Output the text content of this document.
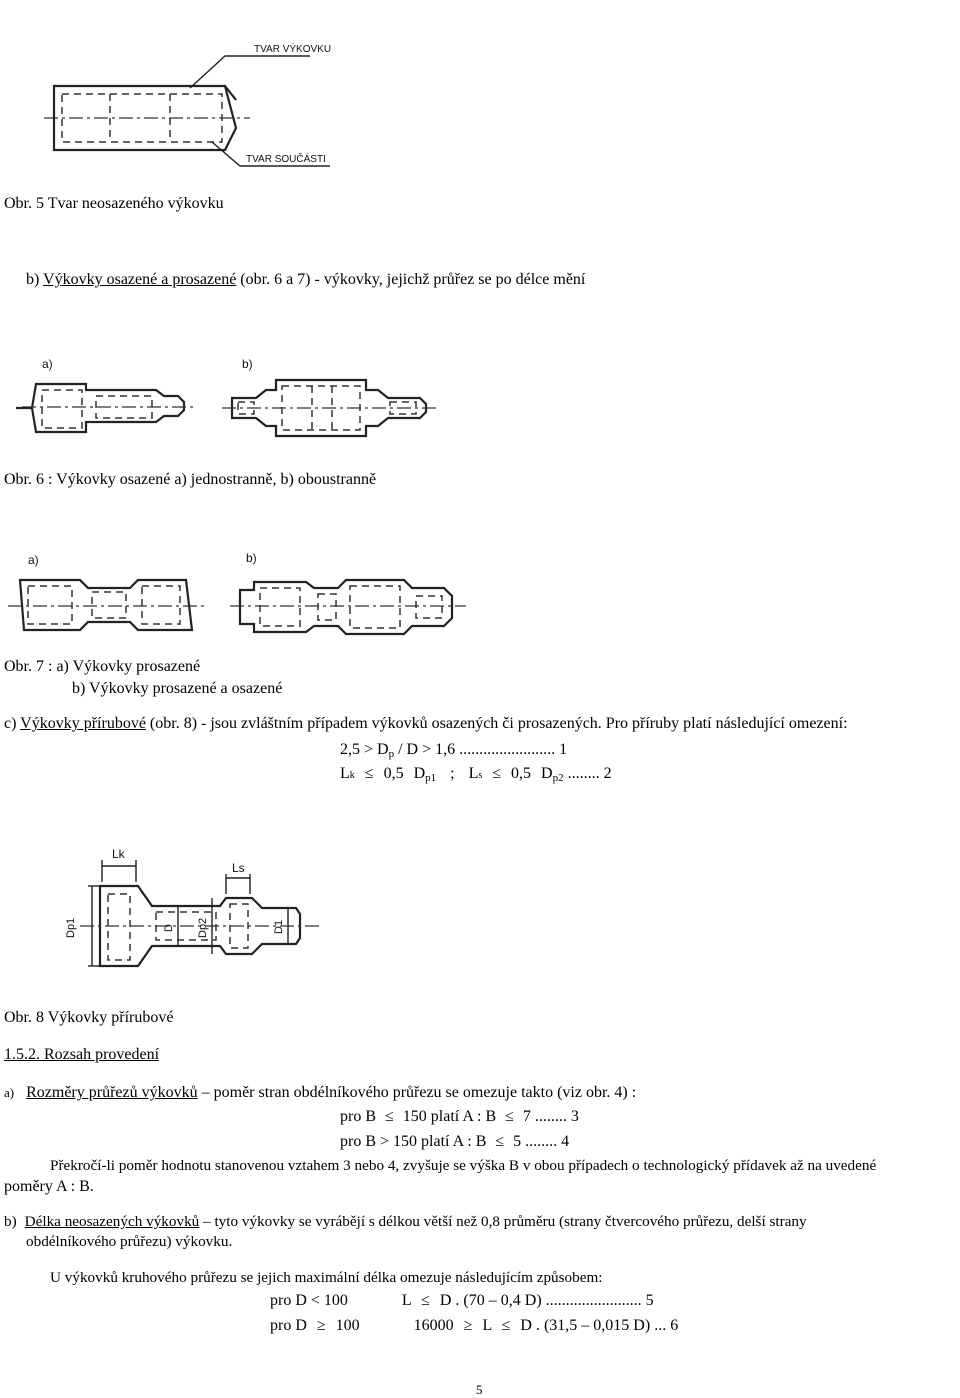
TVAR VÝKOVKU
TVAR SOUČÁSTI
Obr. 5 Tvar neosazeného výkovku
b) Výkovky osazené a prosazené (obr. 6 a 7) - výkovky, jejichž průřez se po délce mění
a)	b)
Obr. 6 : Výkovky osazené a) jednostranně, b) oboustranně
a)	b)
Obr. 7 : a) Výkovky prosazené
b) Výkovky prosazené a osazené
c) Výkovky přírubové (obr. 8) - jsou zvláštním případem výkovků osazených či prosazených. Pro příruby platí následující omezení:
$2,5 > D_p / D > 1,6$ ........................ 1
Lk ≤ 0,5 $D_{p1}$ ; Ls ≤ 0,5 $D_{p2}$ ........ 2
Lk
Ls
Dp1	D Dp2	D1
Obr. 8 Výkovky přírubové
1.5.2. Rozsah provedení
a) Rozměry průřezů výkovků – poměr stran obdélníkového průřezu se omezuje takto (viz obr. 4) :
pro B ≤ 150 platí A : B ≤ 7 ........ 3
pro B > 150 platí A : B ≤ 5 ........ 4
Překročí-li poměr hodnotu stanovenou vztahem 3 nebo 4, zvyšuje se výška B v obou případech o technologický přídavek až na uvedené
poměry A : B.
b) Délka neosazených výkovků – tyto výkovky se vyrábějí s délkou větší než 0,8 průměru (strany čtvercového průřezu, delší strany
obdélníkového průřezu) výkovku.
U výkovků kruhového průřezu se jejich maximální délka omezuje následujícím způsobem:
pro D < 100	L ≤ D . (70 – 0,4 D) ........................ 5
pro D ≥ 100	16000 ≥ L ≤ D . (31,5 – 0,015 D) ... 6
5
